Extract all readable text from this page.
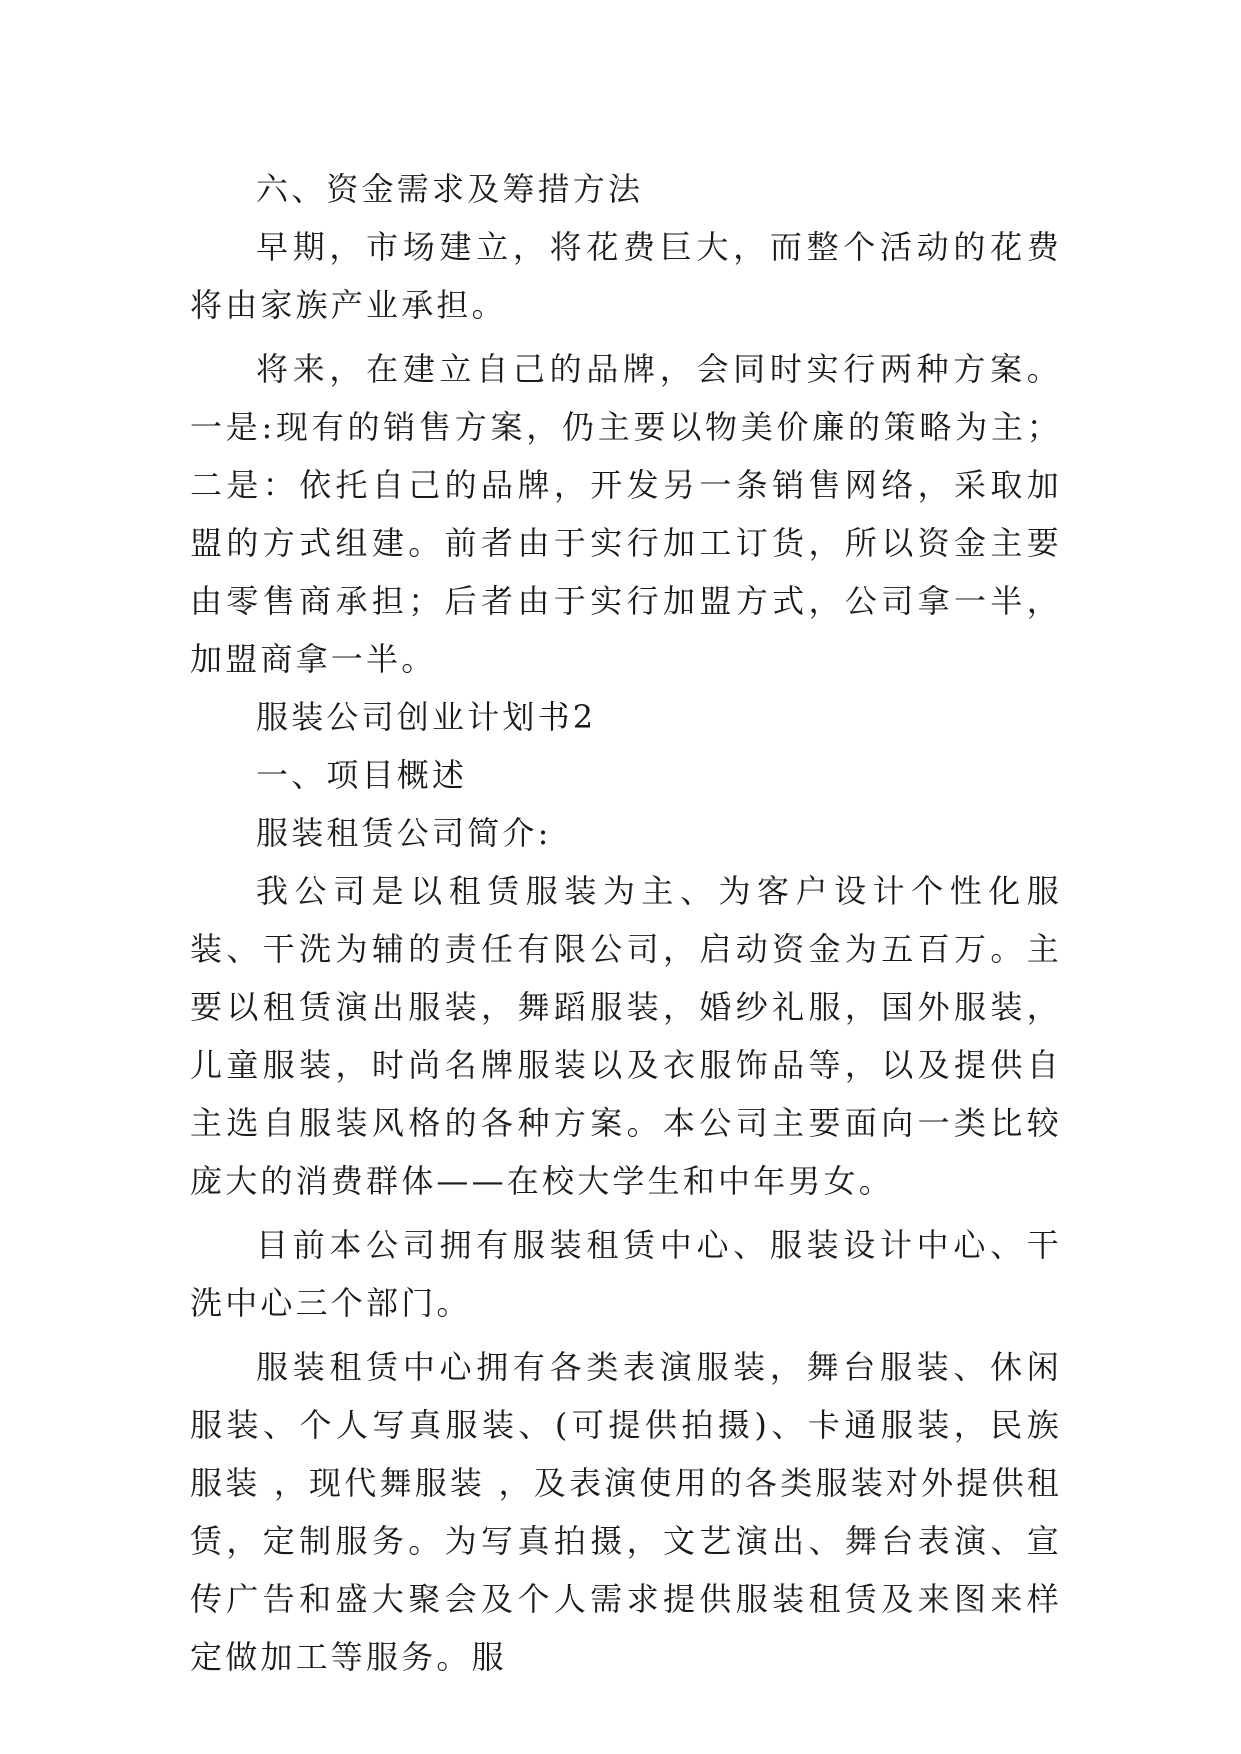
六、资金需求及筹措方法

早期，市场建立，将花费巨大，而整个活动的花费将由家族产业承担。

将来，在建立自己的品牌，会同时实行两种方案。一是:现有的销售方案，仍主要以物美价廉的策略为主；二是：依托自己的品牌，开发另一条销售网络，采取加盟的方式组建。前者由于实行加工订货，所以资金主要由零售商承担；后者由于实行加盟方式，公司拿一半，加盟商拿一半。

服装公司创业计划书2

一、项目概述

服装租赁公司简介:

我公司是以租赁服装为主、为客户设计个性化服装、干洗为辅的责任有限公司，启动资金为五百万。主要以租赁演出服装，舞蹈服装，婚纱礼服，国外服装，儿童服装，时尚名牌服装以及衣服饰品等，以及提供自主选自服装风格的各种方案。本公司主要面向一类比较庞大的消费群体——在校大学生和中年男女。

目前本公司拥有服装租赁中心、服装设计中心、干洗中心三个部门。

服装租赁中心拥有各类表演服装，舞台服装、休闲服装、个人写真服装、(可提供拍摄)、卡通服装，民族服装 ，现代舞服装 ，及表演使用的各类服装对外提供租赁，定制服务。为写真拍摄，文艺演出、舞台表演、宣传广告和盛大聚会及个人需求提供服装租赁及来图来样定做加工等服务。服
